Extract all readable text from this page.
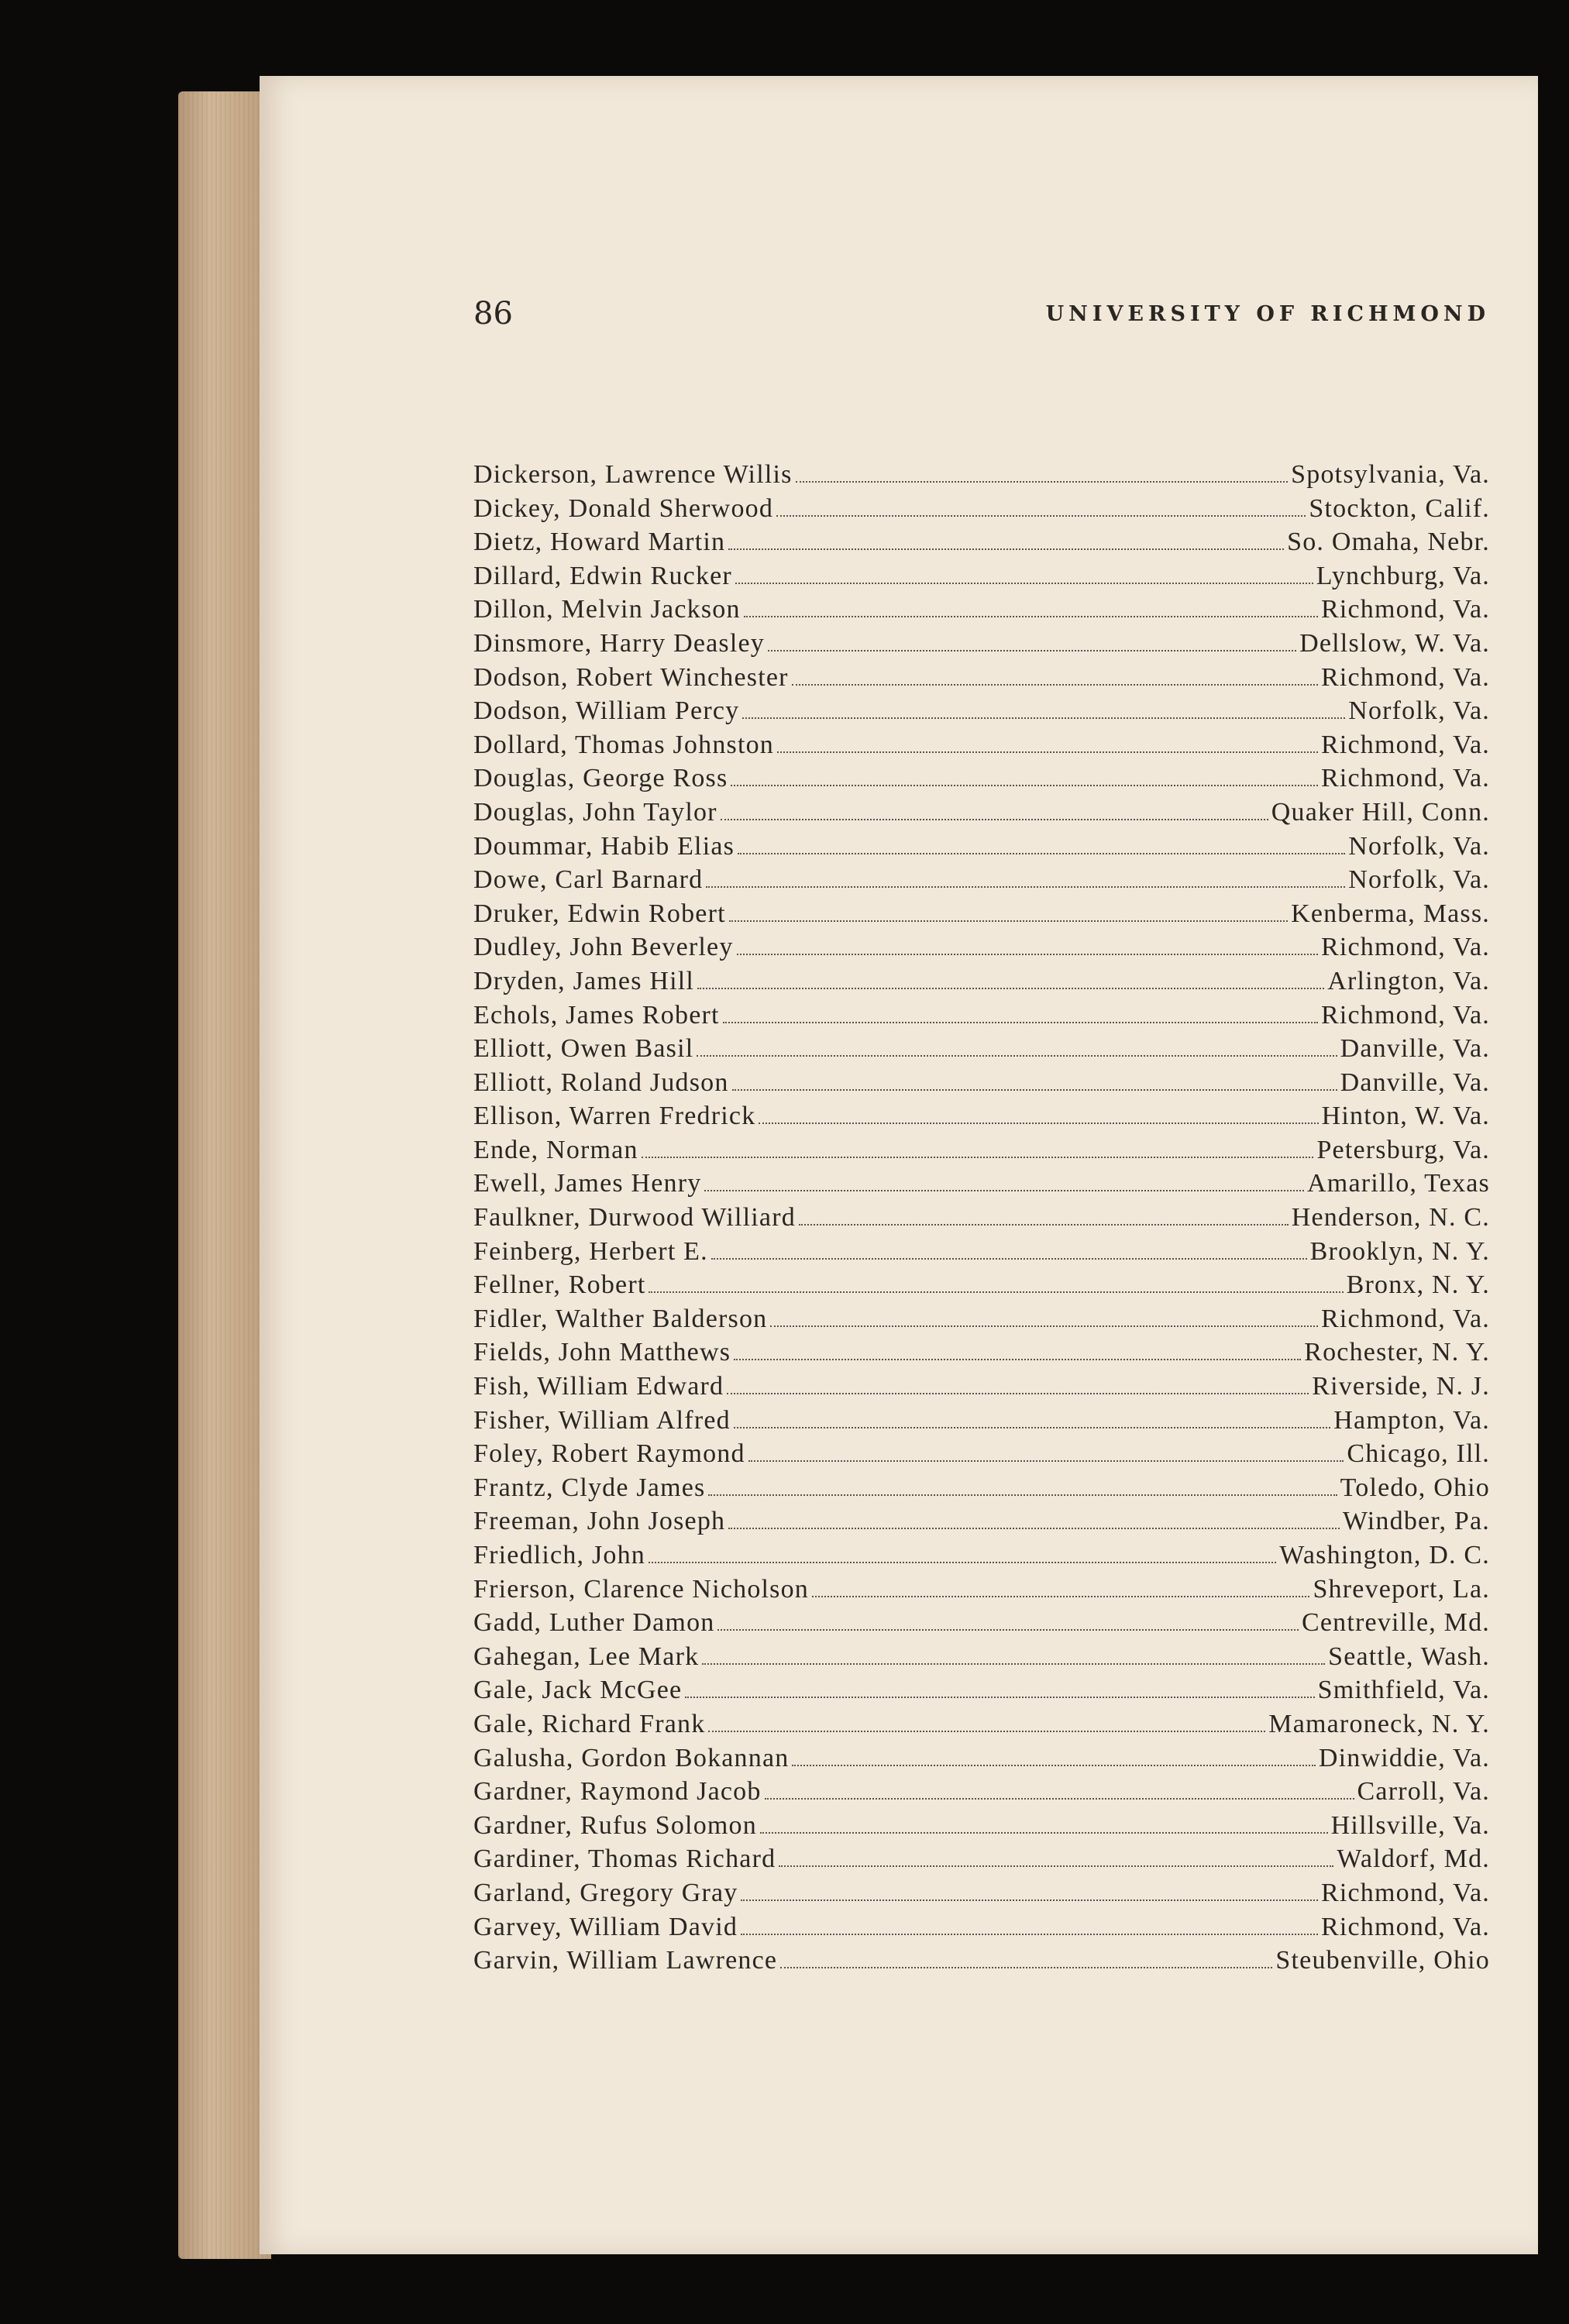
86	UNIVERSITY OF RICHMOND
Dickerson, Lawrence Willis	Spotsylvania, Va.
Dickey, Donald Sherwood	Stockton, Calif.
Dietz, Howard Martin	So. Omaha, Nebr.
Dillard, Edwin Rucker	Lynchburg, Va.
Dillon, Melvin Jackson	Richmond, Va.
Dinsmore, Harry Deasley	Dellslow, W. Va.
Dodson, Robert Winchester	Richmond, Va.
Dodson, William Percy	Norfolk, Va.
Dollard, Thomas Johnston	Richmond, Va.
Douglas, George Ross	Richmond, Va.
Douglas, John Taylor	Quaker Hill, Conn.
Doummar, Habib Elias	Norfolk, Va.
Dowe, Carl Barnard	Norfolk, Va.
Druker, Edwin Robert	Kenberma, Mass.
Dudley, John Beverley	Richmond, Va.
Dryden, James Hill	Arlington, Va.
Echols, James Robert	Richmond, Va.
Elliott, Owen Basil	Danville, Va.
Elliott, Roland Judson	Danville, Va.
Ellison, Warren Fredrick	Hinton, W. Va.
Ende, Norman	Petersburg, Va.
Ewell, James Henry	Amarillo, Texas
Faulkner, Durwood Williard	Henderson, N. C.
Feinberg, Herbert E.	Brooklyn, N. Y.
Fellner, Robert	Bronx, N. Y.
Fidler, Walther Balderson	Richmond, Va.
Fields, John Matthews	Rochester, N. Y.
Fish, William Edward	Riverside, N. J.
Fisher, William Alfred	Hampton, Va.
Foley, Robert Raymond	Chicago, Ill.
Frantz, Clyde James	Toledo, Ohio
Freeman, John Joseph	Windber, Pa.
Friedlich, John	Washington, D. C.
Frierson, Clarence Nicholson	Shreveport, La.
Gadd, Luther Damon	Centreville, Md.
Gahegan, Lee Mark	Seattle, Wash.
Gale, Jack McGee	Smithfield, Va.
Gale, Richard Frank	Mamaroneck, N. Y.
Galusha, Gordon Bokannan	Dinwiddie, Va.
Gardner, Raymond Jacob	Carroll, Va.
Gardner, Rufus Solomon	Hillsville, Va.
Gardiner, Thomas Richard	Waldorf, Md.
Garland, Gregory Gray	Richmond, Va.
Garvey, William David	Richmond, Va.
Garvin, William Lawrence	Steubenville, Ohio
